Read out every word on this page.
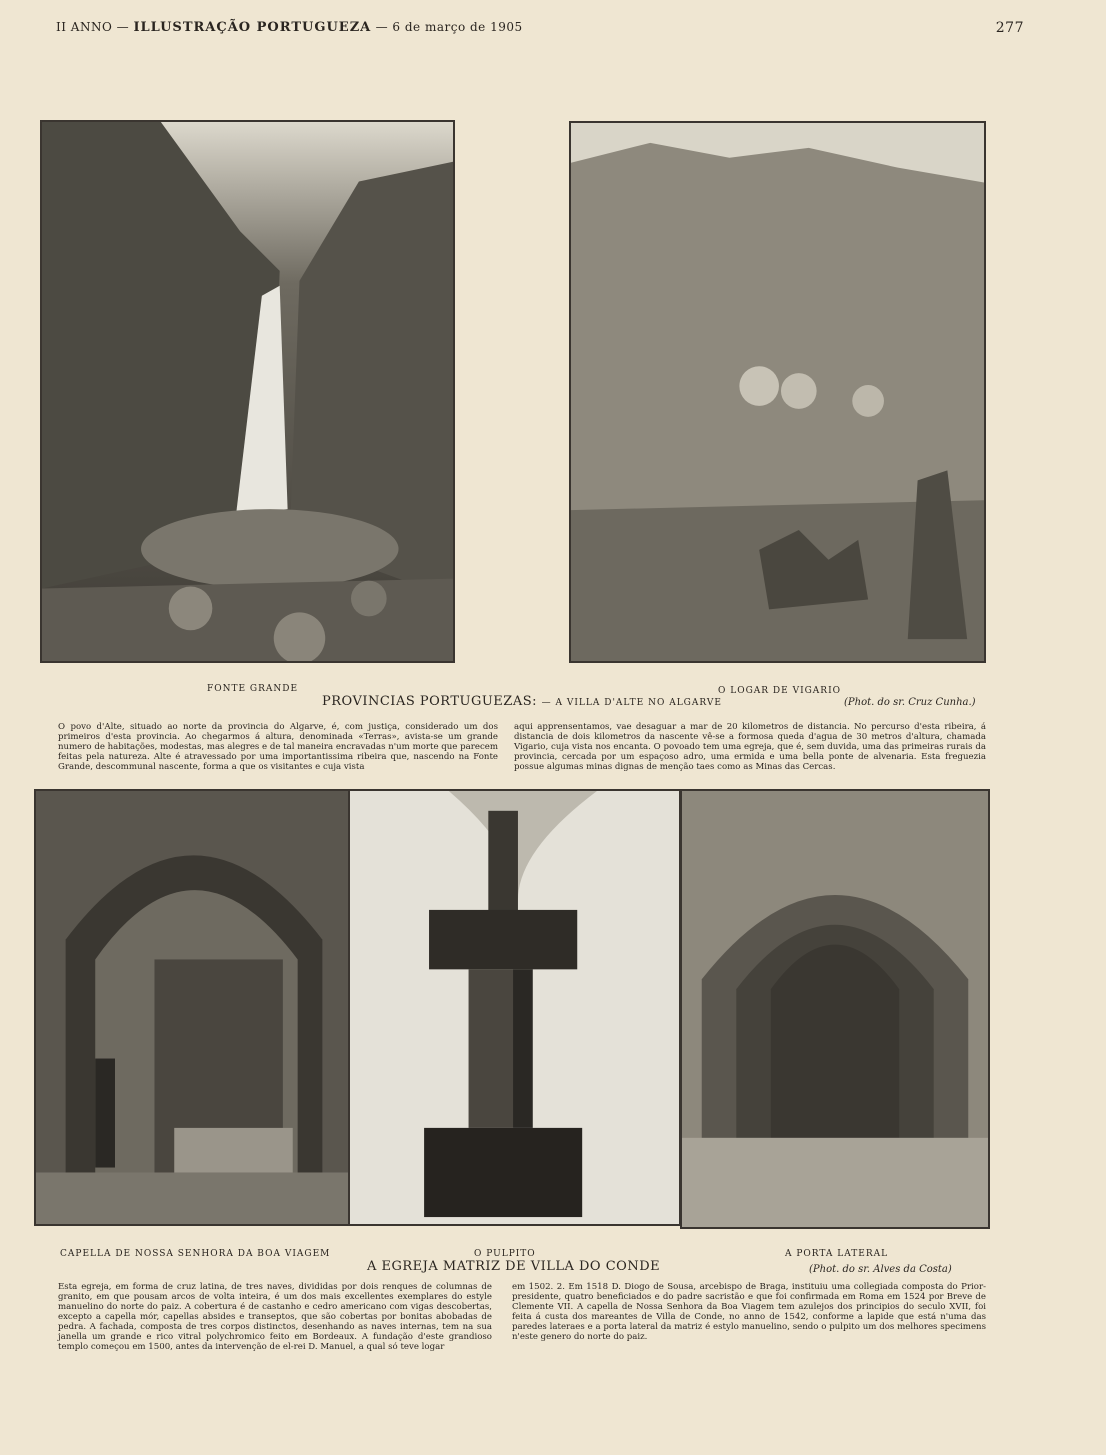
II ANNO — ILLUSTRAÇÃO PORTUGUEZA — 6 de março de 1905	277
FONTE GRANDE	O LOGAR DE VIGARIO
PROVINCIAS PORTUGUEZAS: — A VILLA D'ALTE NO ALGARVE	(Phot. do sr. Cruz Cunha.)
O povo d'Alte, situado ao norte da provincia do Algarve, é, com justiça, considerado um dos primeiros d'esta provincia. Ao chegarmos á altura, denominada «Terras», avista-se um grande numero de habitações, modestas, mas alegres e de tal maneira encravadas n'um morte que parecem feitas pela natureza. Alte é atravessado por uma importantissima ribeira que, nascendo na Fonte Grande, descommunal nascente, forma a que os visitantes e cuja vista
aqui apprensentamos, vae desaguar a mar de 20 kilometros de distancia. No percurso d'esta ribeira, á distancia de dois kilometros da nascente vê-se a formosa queda d'agua de 30 metros d'altura, chamada Vigario, cuja vista nos encanta. O povoado tem uma egreja, que é, sem duvida, uma das primeiras rurais da provincia, cercada por um espaçoso adro, uma ermida e uma bella ponte de alvenaria. Esta freguezia possue algumas minas dignas de menção taes como as Minas das Cercas.
CAPELLA DE NOSSA SENHORA DA BOA VIAGEM	O PULPITO	A PORTA LATERAL
A EGREJA MATRIZ DE VILLA DO CONDE	(Phot. do sr. Alves da Costa)
Esta egreja, em forma de cruz latina, de tres naves, divididas por dois renques de columnas de granito, em que pousam arcos de volta inteira, é um dos mais excellentes exemplares do estyle manuelino do norte do paiz. A cobertura é de castanho e cedro americano com vigas descobertas, excepto a capella mór, capellas absides e transeptos, que são cobertas por bonitas abobadas de pedra. A fachada, composta de tres corpos distinctos, desenhando as naves internas, tem na sua janella um grande e rico vitral polychromico feito em Bordeaux. A fundação d'este grandioso templo começou em 1500, antes da intervenção de el-rei D. Manuel, a qual só teve logar
em 1502. 2. Em 1518 D. Diogo de Sousa, arcebispo de Braga, instituiu uma collegiada composta do Prior-presidente, quatro beneficiados e do padre sacristão e que foi confirmada em Roma em 1524 por Breve de Clemente VII. A capella de Nossa Senhora da Boa Viagem tem azulejos dos principios do seculo XVII, foi feita á custa dos mareantes de Villa de Conde, no anno de 1542, conforme a lapide que está n'uma das paredes lateraes e a porta lateral da matriz é estylo manuelino, sendo o pulpito um dos melhores specimens n'este genero do norte do paiz.
